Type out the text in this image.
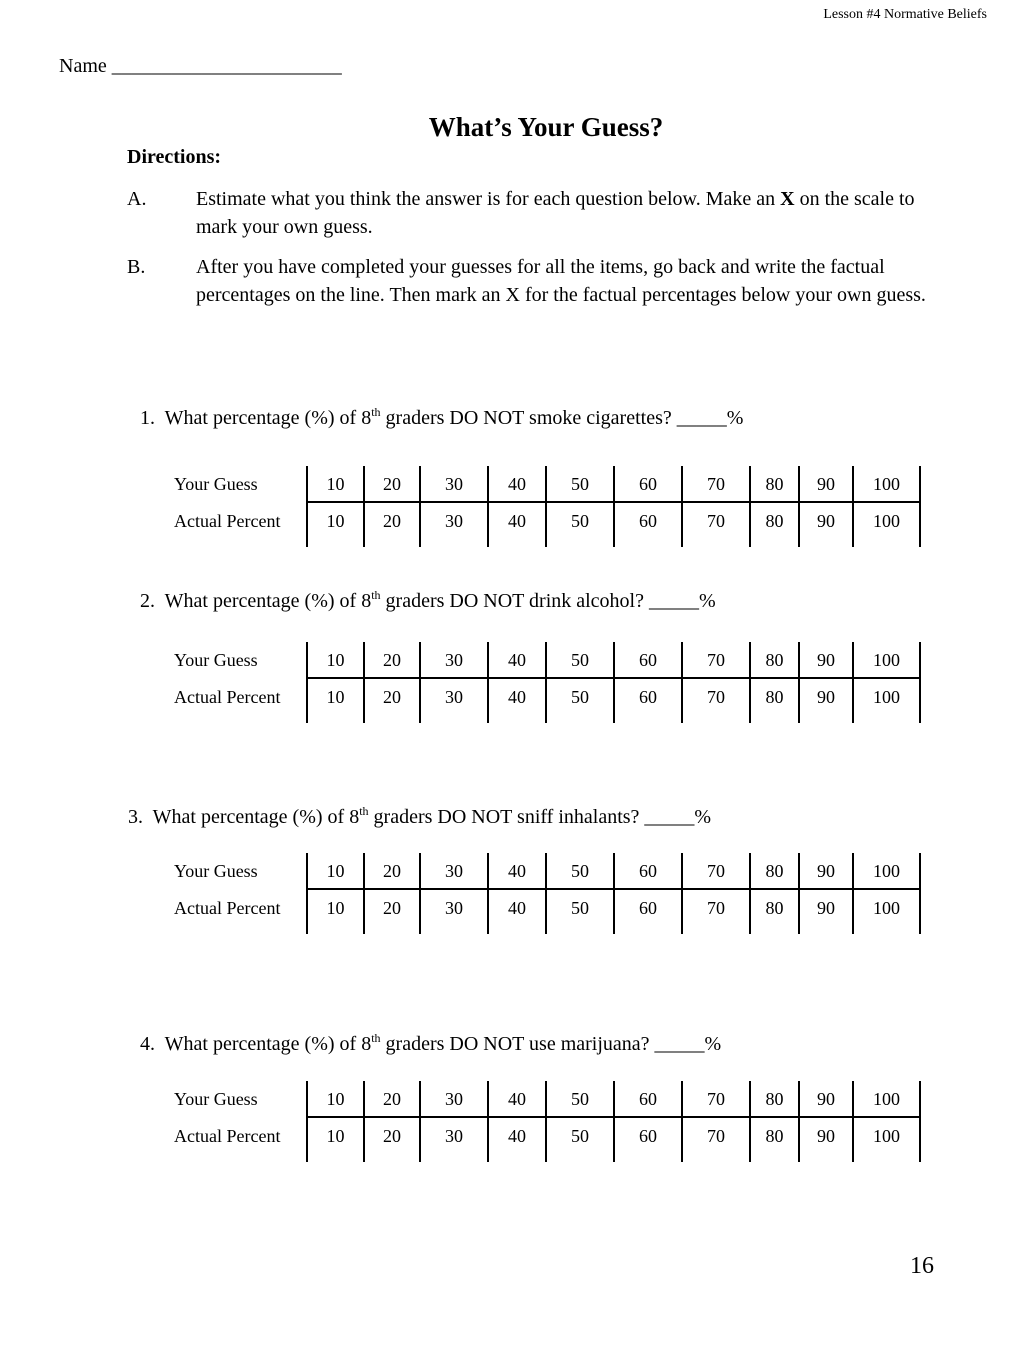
Lesson #4 Normative Beliefs
Name _______________________
What’s Your Guess?
Directions:
A. Estimate what you think the answer is for each question below. Make an X on the scale to mark your own guess.
B.	After you have completed your guesses for all the items, go back and write the factual percentages on the line. Then mark an X for the factual percentages below your own guess.
1. What percentage (%) of 8th graders DO NOT smoke cigarettes? _____%
Your Guess	10	20	30	40	50	60	70	80	90	100
Actual Percent	10	20	30	40	50	60	70	80	90	100
2. What percentage (%) of 8th graders DO NOT drink alcohol? _____%
Your Guess	10	20	30	40	50	60	70	80	90	100
Actual Percent	10	20	30	40	50	60	70	80	90	100
3. What percentage (%) of 8th graders DO NOT sniff inhalants? _____%
Your Guess	10	20	30	40	50	60	70	80	90	100
Actual Percent	10	20	30	40	50	60	70	80	90	100
4. What percentage (%) of 8th graders DO NOT use marijuana? _____%
Your Guess	10	20	30	40	50	60	70	80	90	100
Actual Percent	10	20	30	40	50	60	70	80	90	100
16
